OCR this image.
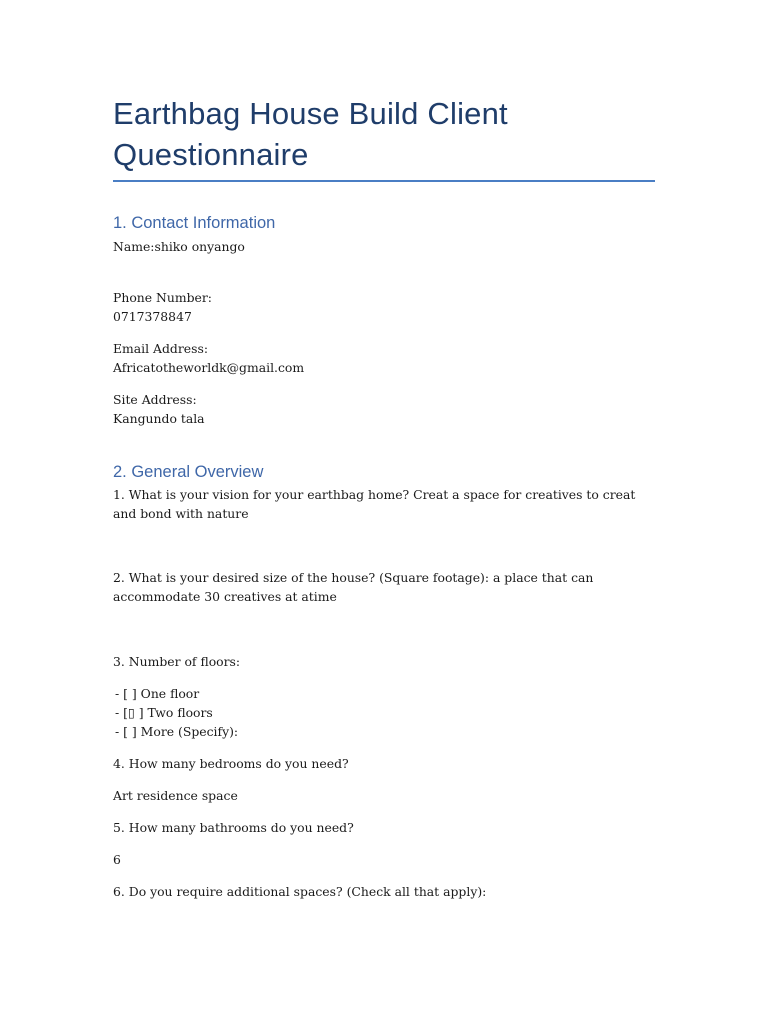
Earthbag House Build Client Questionnaire
1. Contact Information

Name:shiko onyango

Phone Number:

0717378847

Email Address:

Africatotheworldk@gmail.com

Site Address:

Kangundo tala

2. General Overview

1. What is your vision for your earthbag home? Creat a space for creatives to creat and bond with nature

2. What is your desired size of the house? (Square footage): a place that can accommodate 30 creatives at atime

3. Number of floors:

- [ ] One floor

- [▯ ] Two floors

- [ ] More (Specify):

4. How many bedrooms do you need?

Art residence space

5. How many bathrooms do you need?

6

6. Do you require additional spaces? (Check all that apply):
